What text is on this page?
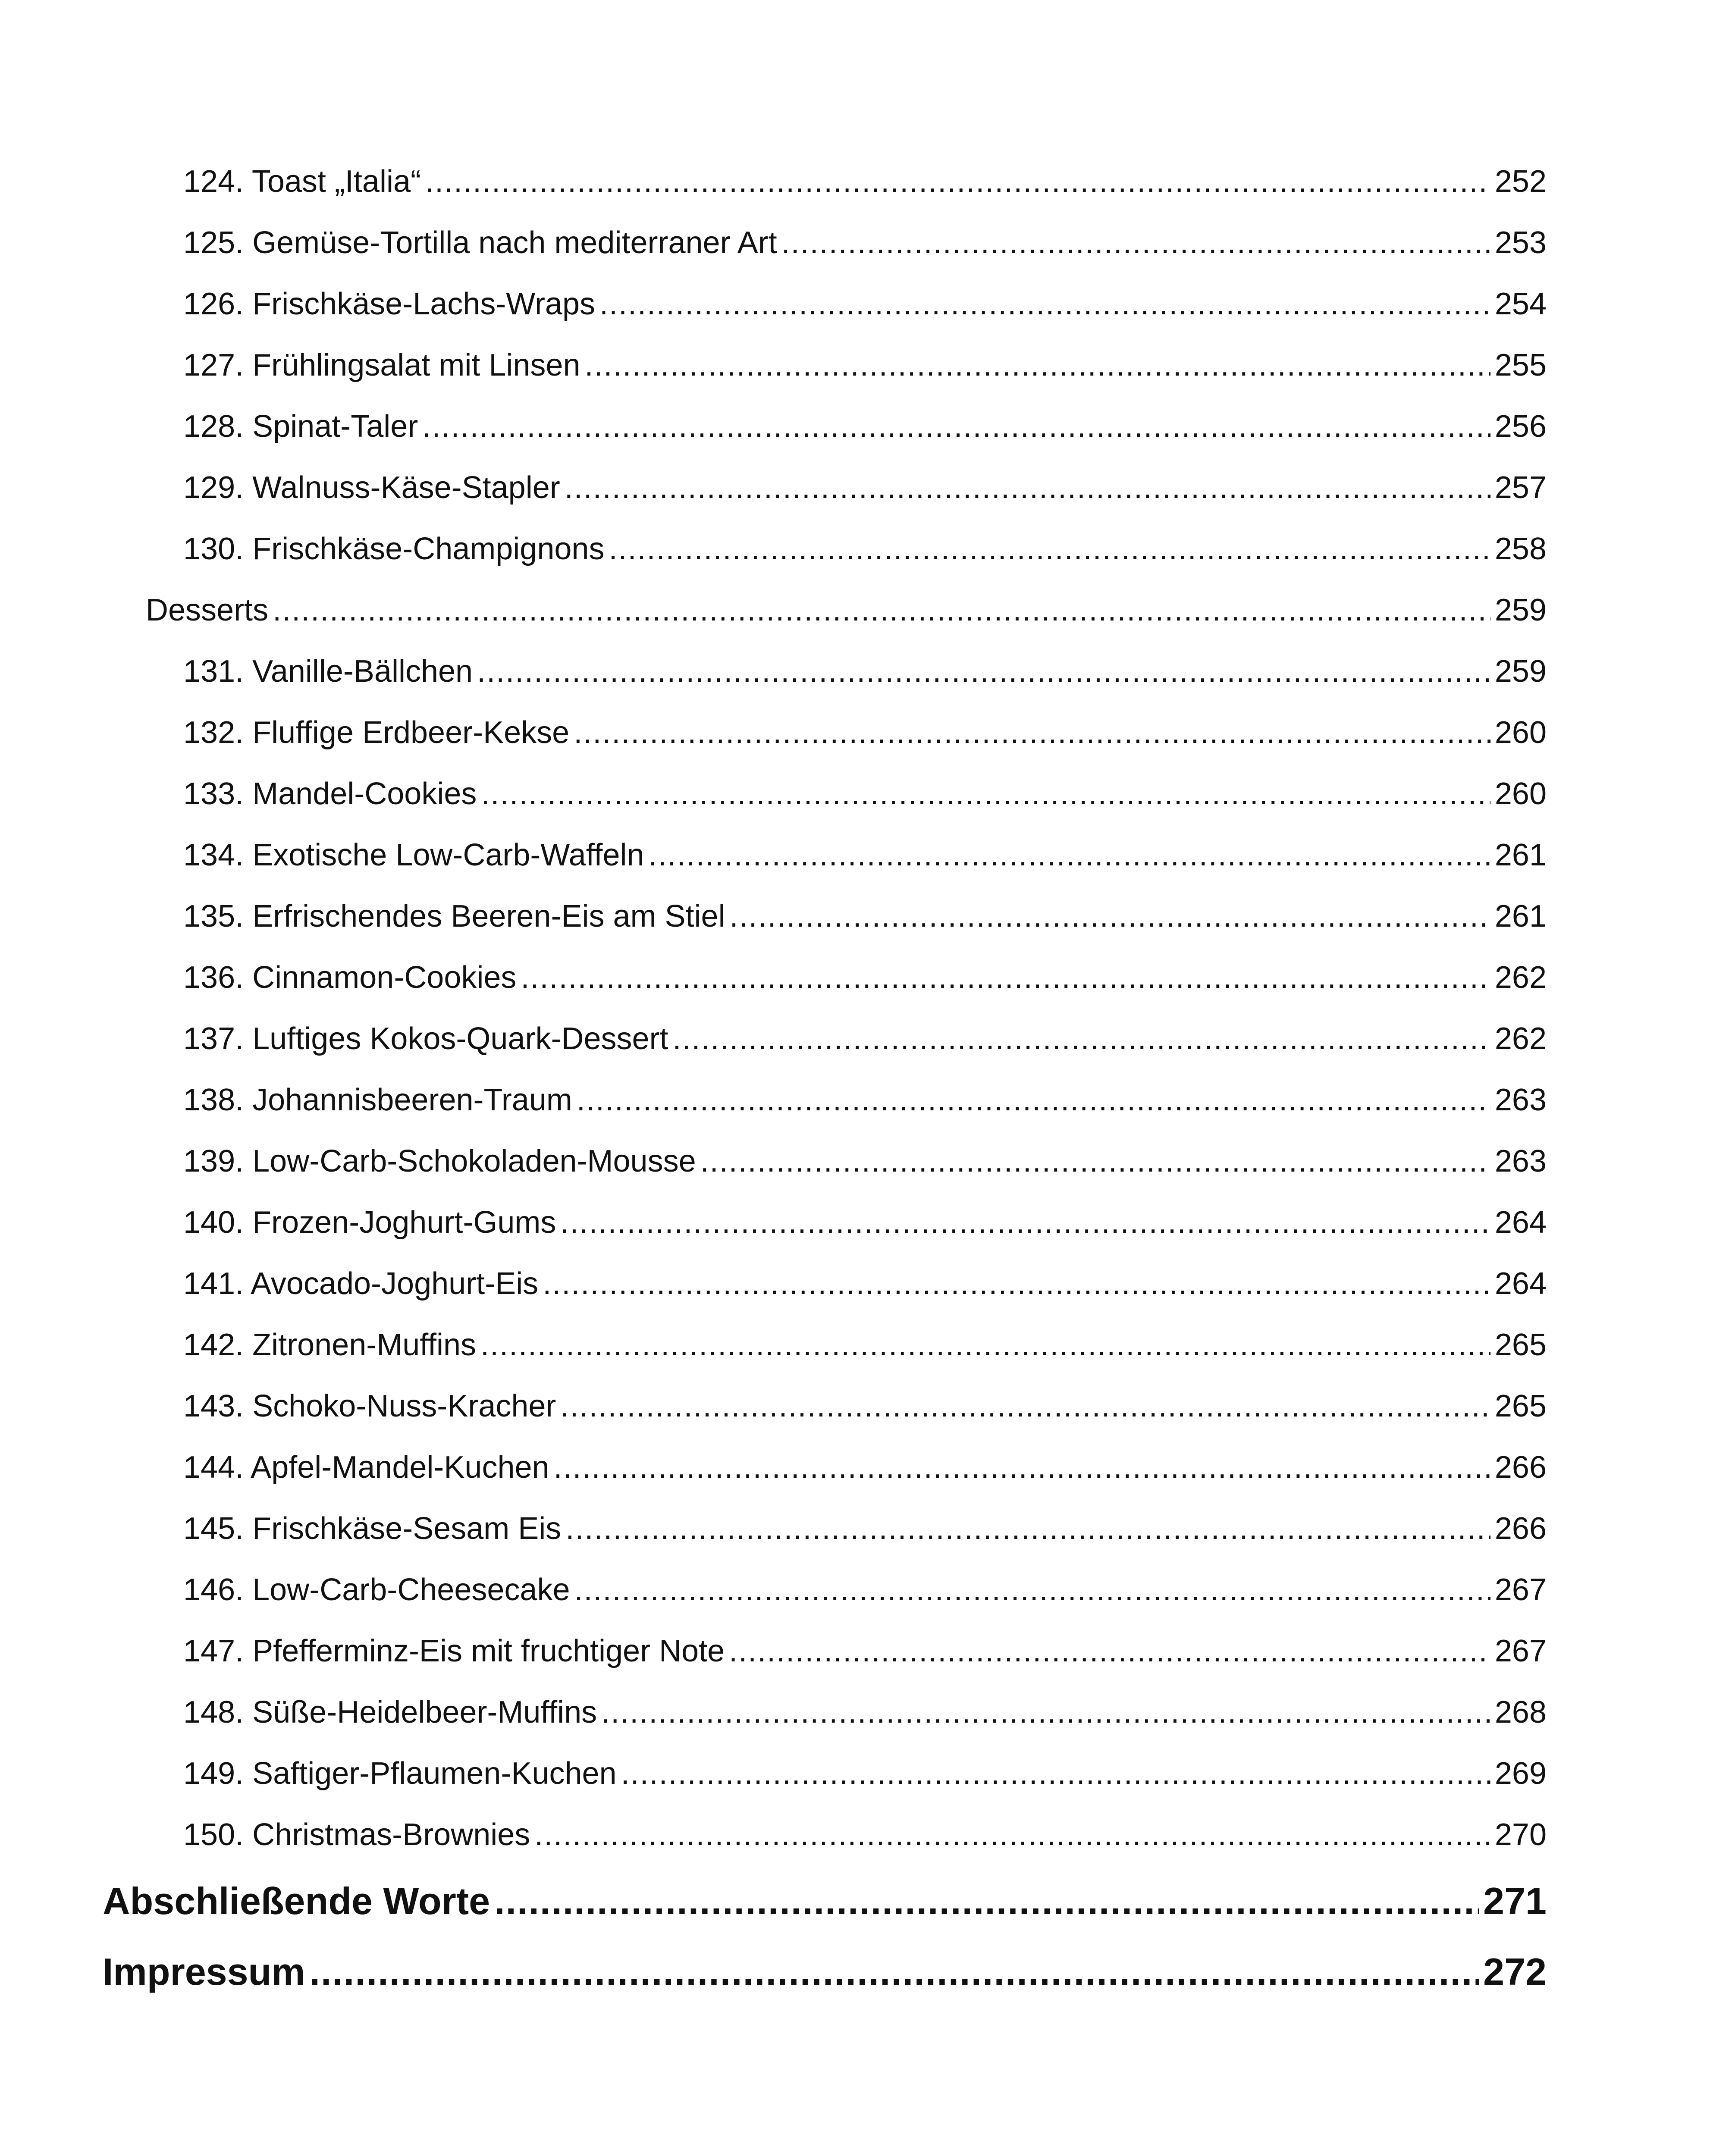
124. Toast „Italia“ .....	252
125. Gemüse-Tortilla nach mediterraner Art .....	253
126. Frischkäse-Lachs-Wraps .....	254
127. Frühlingsalat mit Linsen .....	255
128. Spinat-Taler .....	256
129. Walnuss-Käse-Stapler .....	257
130. Frischkäse-Champignons .....	258
Desserts .....	259
131. Vanille-Bällchen .....	259
132. Fluffige Erdbeer-Kekse .....	260
133. Mandel-Cookies .....	260
134. Exotische Low-Carb-Waffeln .....	261
135. Erfrischendes Beeren-Eis am Stiel .....	261
136. Cinnamon-Cookies .....	262
137. Luftiges Kokos-Quark-Dessert .....	262
138. Johannisbeeren-Traum .....	263
139. Low-Carb-Schokoladen-Mousse .....	263
140. Frozen-Joghurt-Gums .....	264
141. Avocado-Joghurt-Eis .....	264
142. Zitronen-Muffins .....	265
143. Schoko-Nuss-Kracher .....	265
144. Apfel-Mandel-Kuchen .....	266
145. Frischkäse-Sesam Eis .....	266
146. Low-Carb-Cheesecake .....	267
147. Pfefferminz-Eis mit fruchtiger Note .....	267
148. Süße-Heidelbeer-Muffins .....	268
149. Saftiger-Pflaumen-Kuchen .....	269
150. Christmas-Brownies .....	270
Abschließende Worte .....	271
Impressum .....	272
